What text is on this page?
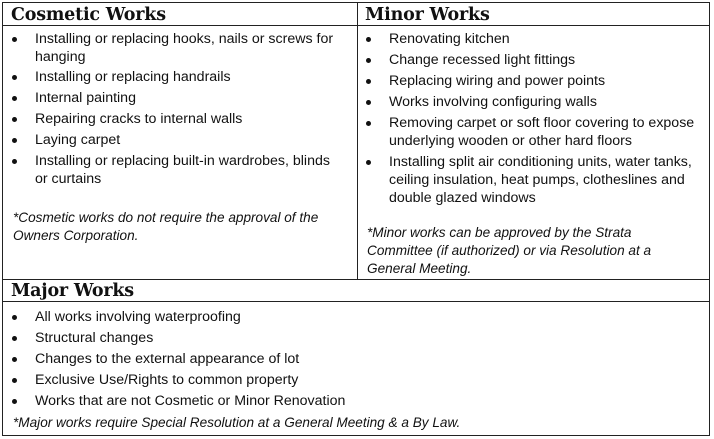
Cosmetic Works
Installing or replacing hooks, nails or screws for hanging
Installing or replacing handrails
Internal painting
Repairing cracks to internal walls
Laying carpet
Installing or replacing built-in wardrobes, blinds or curtains
*Cosmetic works do not require the approval of the Owners Corporation.
Minor Works
Renovating kitchen
Change recessed light fittings
Replacing wiring and power points
Works involving configuring walls
Removing carpet or soft floor covering to expose underlying wooden or other hard floors
Installing split air conditioning units, water tanks, ceiling insulation, heat pumps, clotheslines and double glazed windows
*Minor works can be approved by the Strata Committee (if authorized) or via Resolution at a General Meeting.
Major Works
All works involving waterproofing
Structural changes
Changes to the external appearance of lot
Exclusive Use/Rights to common property
Works that are not Cosmetic or Minor Renovation
*Major works require Special Resolution at a General Meeting & a By Law.
